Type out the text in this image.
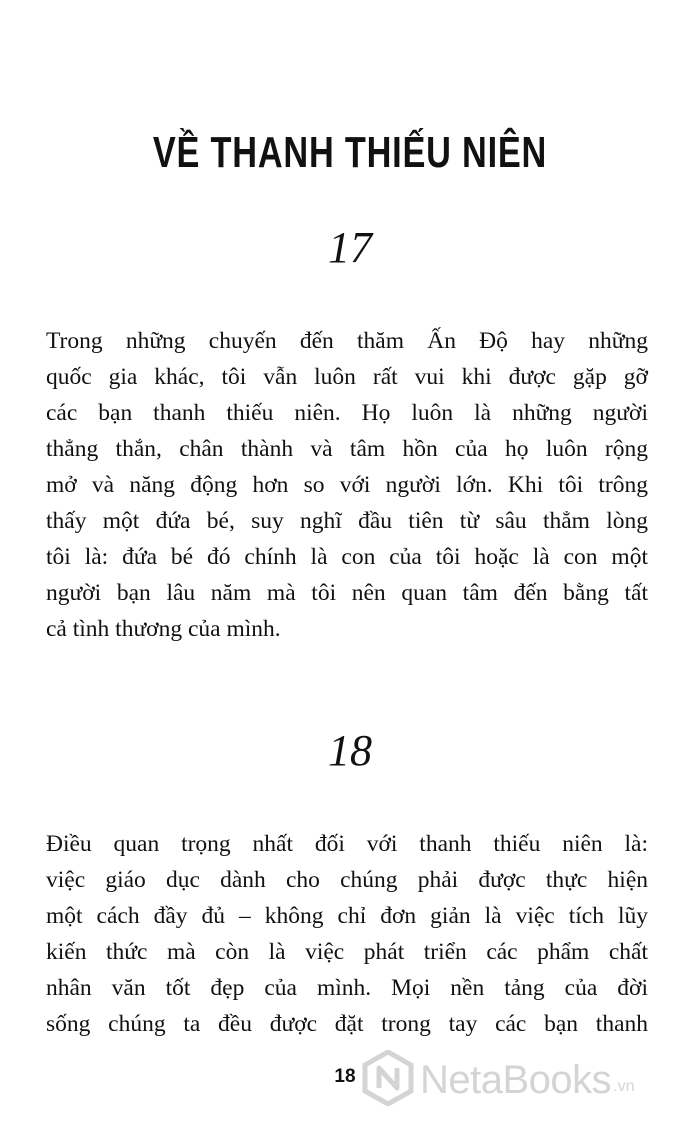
VỀ THANH THIẾU NIÊN
17

Trong những chuyến đến thăm Ấn Độ hay những
quốc gia khác, tôi vẫn luôn rất vui khi được gặp gỡ
các bạn thanh thiếu niên. Họ luôn là những người
thẳng thắn, chân thành và tâm hồn của họ luôn rộng
mở và năng động hơn so với người lớn. Khi tôi trông
thấy một đứa bé, suy nghĩ đầu tiên từ sâu thẳm lòng
tôi là: đứa bé đó chính là con của tôi hoặc là con một
người bạn lâu năm mà tôi nên quan tâm đến bằng tất
cả tình thương của mình.

18

Điều quan trọng nhất đối với thanh thiếu niên là:
việc giáo dục dành cho chúng phải được thực hiện
một cách đầy đủ – không chỉ đơn giản là việc tích lũy
kiến thức mà còn là việc phát triển các phẩm chất
nhân văn tốt đẹp của mình. Mọi nền tảng của đời
sống chúng ta đều được đặt trong tay các bạn thanh

18	NetaBooks .vn
